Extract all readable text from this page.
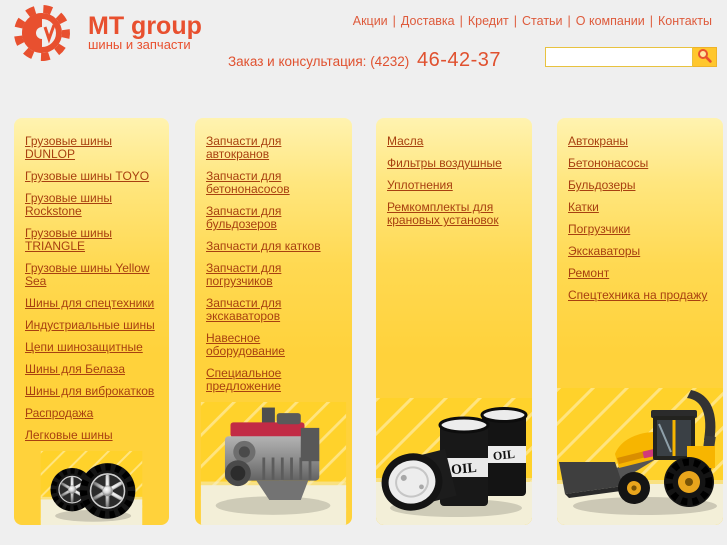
MT group
шины и запчасти
Акции | Доставка | Кредит | Статьи | О компании | Контакты
Заказ и консультация: (4232) 46-42-37
Грузовые шины DUNLOP
Грузовые шины TOYO
Грузовые шины Rockstone
Грузовые шины TRIANGLE
Грузовые шины Yellow Sea
Шины для спецтехники
Индустриальные шины
Цепи шинозащитные
Шины для Белаза
Шины для виброкатков
Распродажа
Легковые шины
Запчасти для автокранов
Запчасти для бетононасосов
Запчасти для бульдозеров
Запчасти для катков
Запчасти для погрузчиков
Запчасти для экскаваторов
Навесное оборудование
Специальное предложение
Масла
Фильтры воздушные
Уплотнения
Ремкомплекты для крановых установок
OIL
OIL
Автокраны
Бетононасосы
Бульдозеры
Катки
Погрузчики
Экскаваторы
Ремонт
Спецтехника на продажу
